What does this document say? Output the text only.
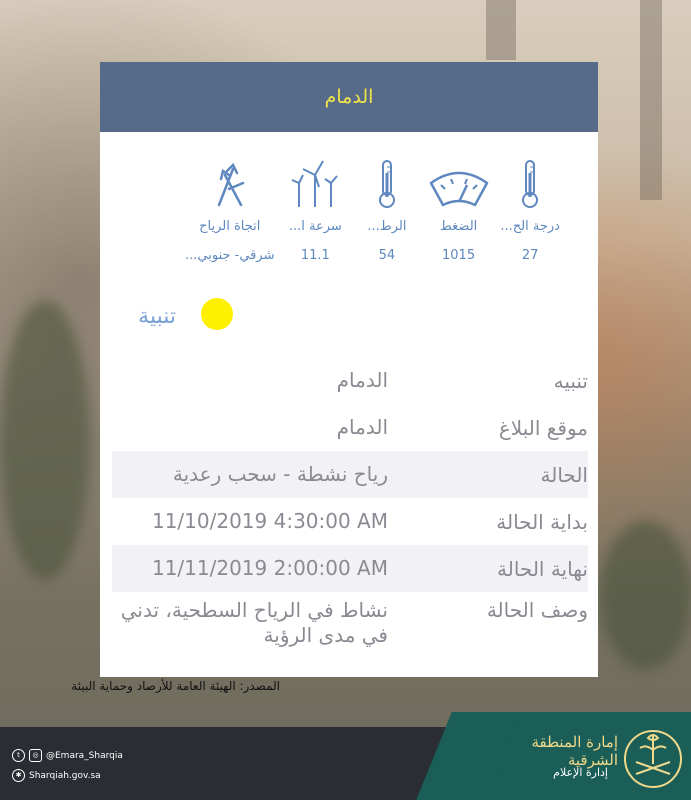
الدمام
درجة الح...
27
الضغط
1015
الرط...
54
سرعة ا...
11.1
اتجاة الرياح
شرقي- جنوبي...
تنبية
تنبيه
الدمام
موقع البلاغ
الدمام
الحالة
رياح نشطة - سحب رعدية
بداية الحالة
11/10/2019 4:30:00 AM
نهاية الحالة
11/11/2019 2:00:00 AM
وصف الحالة
نشاط في الرياح السطحية، تدني في مدى الرؤية
المصدر: الهيئة العامة للأرصاد وحماية البيئة
t	◎ @Emara_Sharqia
✱ Sharqiah.gov.sa
إمارة المنطقة الشرقية
إدارة الإعلام
